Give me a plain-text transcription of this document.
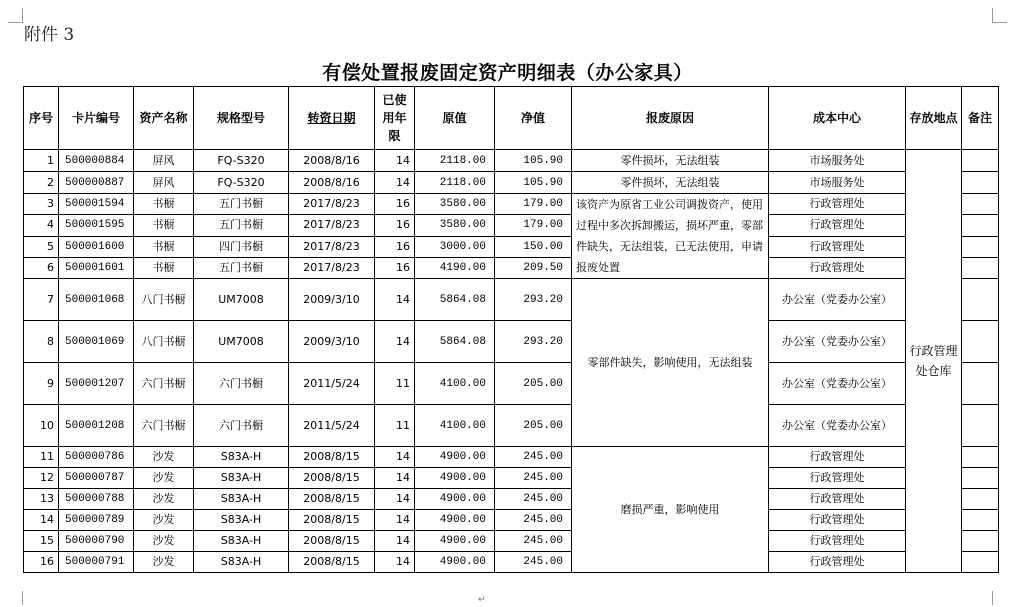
附件 3
有偿处置报废固定资产明细表（办公家具）
序号	卡片编号	资产名称	规格型号	转资日期	已使用年限	原值	净值	报废原因	成本中心	存放地点	备注
1	500000884	屏风	FQ-S320	2008/8/16	14	2118.00	105.90	零件损坏，无法组装	市场服务处	行政管理处仓库	
2	500000887	屏风	FQ-S320	2008/8/16	14	2118.00	105.90	零件损坏，无法组装	市场服务处		
3	500001594	书橱	五门书橱	2017/8/23	16	3580.00	179.00	该资产为原省工业公司调拨资产，使用过程中多次拆卸搬运，损坏严重，零部件缺失，无法组装，已无法使用，申请报废处置	行政管理处		
4	500001595	书橱	五门书橱	2017/8/23	16	3580.00	179.00		行政管理处		
5	500001600	书橱	四门书橱	2017/8/23	16	3000.00	150.00		行政管理处		
6	500001601	书橱	五门书橱	2017/8/23	16	4190.00	209.50		行政管理处		
7	500001068	八门书橱	UM7008	2009/3/10	14	5864.08	293.20	零部件缺失，影响使用，无法组装	办公室（党委办公室）		
8	500001069	八门书橱	UM7008	2009/3/10	14	5864.08	293.20		办公室（党委办公室）		
9	500001207	六门书橱	六门书橱	2011/5/24	11	4100.00	205.00		办公室（党委办公室）		
10	500001208	六门书橱	六门书橱	2011/5/24	11	4100.00	205.00		办公室（党委办公室）		
11	500000786	沙发	S83A-H	2008/8/15	14	4900.00	245.00	磨损严重，影响使用	行政管理处		
12	500000787	沙发	S83A-H	2008/8/15	14	4900.00	245.00		行政管理处		
13	500000788	沙发	S83A-H	2008/8/15	14	4900.00	245.00		行政管理处		
14	500000789	沙发	S83A-H	2008/8/15	14	4900.00	245.00		行政管理处		
15	500000790	沙发	S83A-H	2008/8/15	14	4900.00	245.00		行政管理处		
16	500000791	沙发	S83A-H	2008/8/15	14	4900.00	245.00		行政管理处		
↵
